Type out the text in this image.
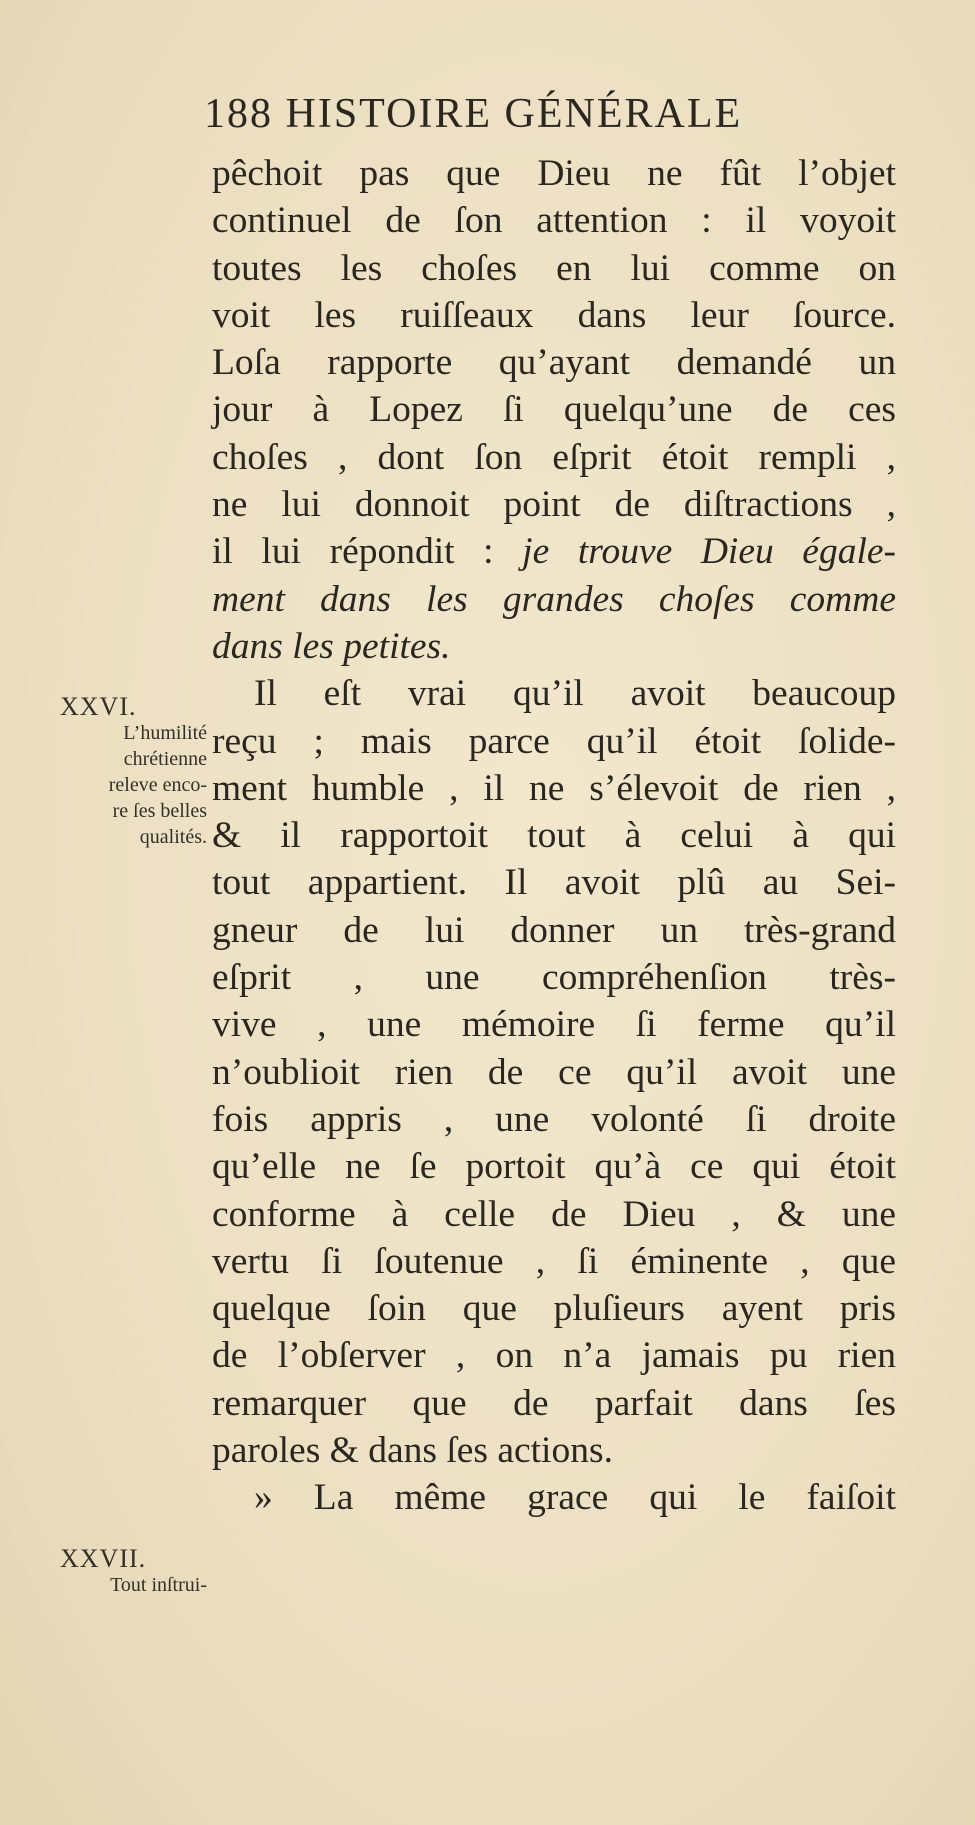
188 HISTOIRE GÉNÉRALE
pêchoit pas que Dieu ne fût l’objet
continuel de ſon attention : il voyoit
toutes les choſes en lui comme on
voit les ruiſſeaux dans leur ſource.
Loſa rapporte qu’ayant demandé un
jour à Lopez ſi quelqu’une de ces
choſes , dont ſon eſprit étoit rempli ,
ne lui donnoit point de diſtractions ,
il lui répondit : je trouve Dieu égale-
ment dans les grandes choſes comme
dans les petites.
Il eſt vrai qu’il avoit beaucoup
reçu ; mais parce qu’il étoit ſolide-
ment humble , il ne s’élevoit de rien ,
& il rapportoit tout à celui à qui
tout appartient. Il avoit plû au Sei-
gneur de lui donner un très-grand
eſprit , une compréhenſion très-
vive , une mémoire ſi ferme qu’il
n’oublioit rien de ce qu’il avoit une
fois appris , une volonté ſi droite
qu’elle ne ſe portoit qu’à ce qui étoit
conforme à celle de Dieu , & une
vertu ſi ſoutenue , ſi éminente , que
quelque ſoin que pluſieurs ayent pris
de l’obſerver , on n’a jamais pu rien
remarquer que de parfait dans ſes
paroles & dans ſes actions.
» La même grace qui le faiſoit
XXVI.
L’humilité
chrétienne
releve enco-
re ſes belles
qualités.
XXVII.
Tout inſtrui-
